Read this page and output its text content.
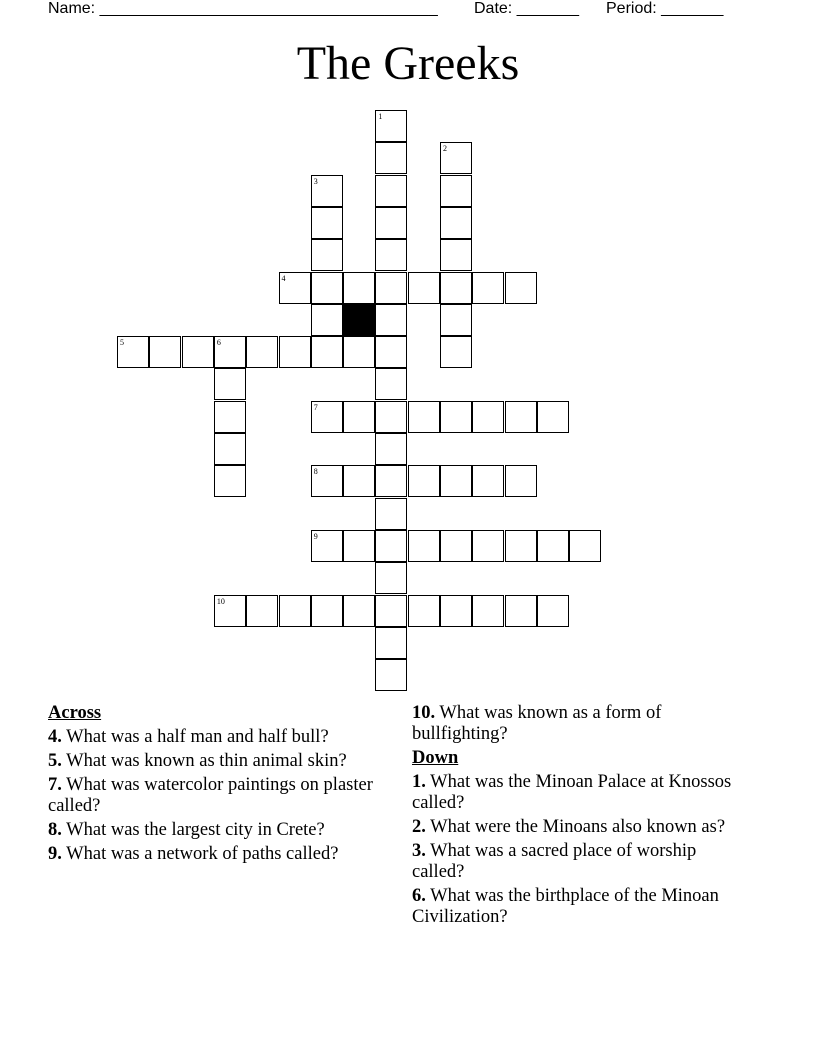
Name: ______________________________________ Date: _______ Period: _______
The Greeks
1
2
3
6
4
5
7
8
9
10
Across
4. What was a half man and half bull?
5. What was known as thin animal skin?
7. What was watercolor paintings on plaster called?
8. What was the largest city in Crete?
9. What was a network of paths called?
10. What was known as a form of bullfighting?
Down
1. What was the Minoan Palace at Knossos called?
2. What were the Minoans also known as?
3. What was a sacred place of worship called?
6. What was the birthplace of the Minoan Civilization?
